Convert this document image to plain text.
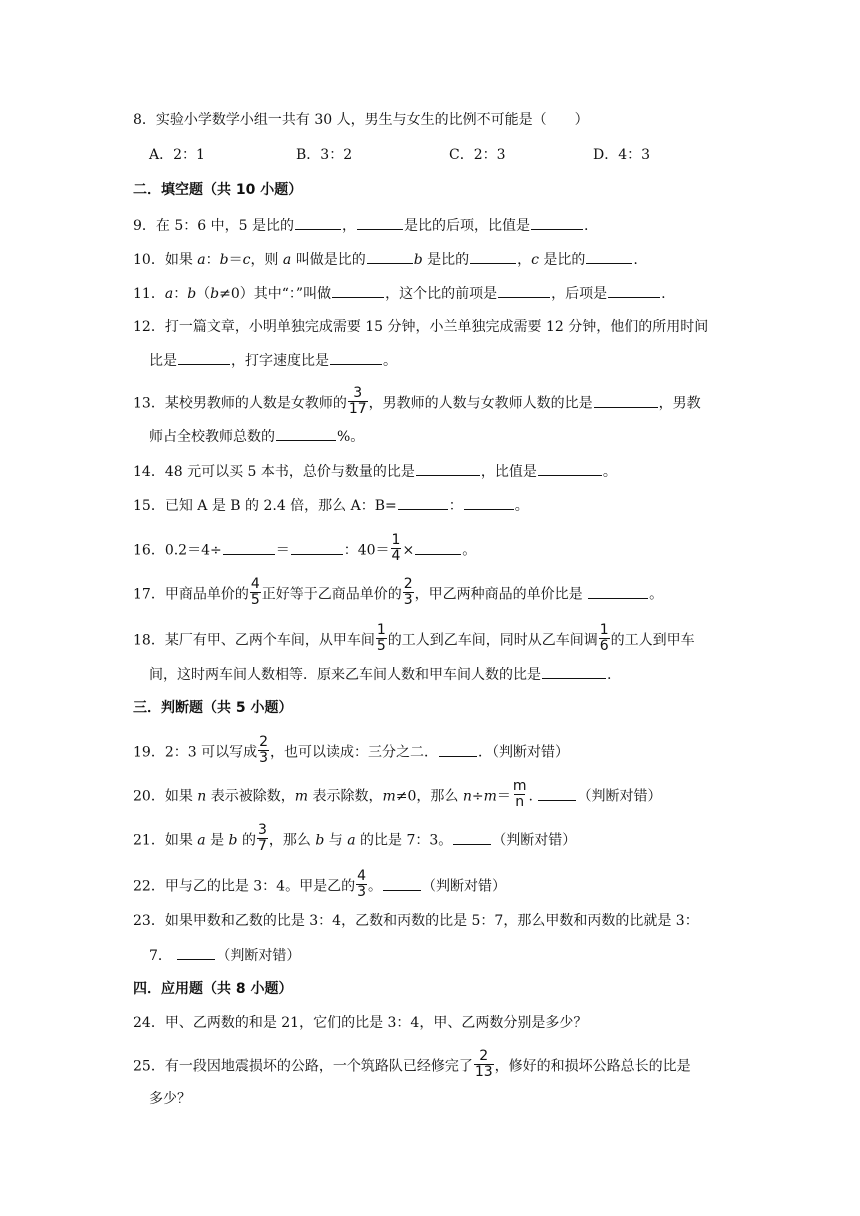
8．实验小学数学小组一共有 30 人，男生与女生的比例不可能是（　　）
A．2：1	B．3：2	C．2：3	D．4：3
二．填空题（共 10 小题）
9．在 5：6 中，5 是比的	，	是比的后项，比值是	.
10．如果 a：b＝c，则 a 叫做是比的	b 是比的	，c 是比的	.
11．a：b（b≠0）其中“：”叫做	，这个比的前项是	，后项是	.
12．打一篇文章，小明单独完成需要 15 分钟，小兰单独完成需要 12 分钟，他们的所用时间
比是	，打字速度比是	。
13．某校男教师的人数是女教师的 $\frac{3}{17}$ ，男教师的人数与女教师人数的比是	，男教
师占全校教师总数的	%。
14．48 元可以买 5 本书，总价与数量的比是	，比值是	。
15．已知 A 是 B 的 2.4 倍，那么 A：B=	：	。
16．0.2＝4÷	＝	：$40= \frac{1}{4}$ ×	。
17．甲商品单价的 $\frac{4}{5}$ 正好等于乙商品单价的 $\frac{2}{3}$ ，甲乙两种商品的单价比是	。
18．某厂有甲、乙两个车间，从甲车间 $\frac{1}{5}$ 的工人到乙车间，同时从乙车间调 $\frac{1}{6}$ 的工人到甲车
间，这时两车间人数相等．原来乙车间人数和甲车间人数的比是	.
三．判断题（共 5 小题）
19．2：3 可以写成 $\frac{2}{3}$ ，也可以读成：三分之二．	．（判断对错）
20．如果 n 表示被除数，m 表示除数，m≠0，那么 $n\div m= \frac{m}{n}$ .	（判断对错）
21．如果 a 是 b 的 $\frac{3}{7}$ ，那么 b 与 a 的比是 7：3。	（判断对错）
22．甲与乙的比是 3：4。甲是乙的 $\frac{4}{3}$ 。	（判断对错）
23．如果甲数和乙数的比是 3：4，乙数和丙数的比是 5：7，那么甲数和丙数的比就是 3：
7．	（判断对错）
四．应用题（共 8 小题）
24．甲、乙两数的和是 21，它们的比是 3：4，甲、乙两数分别是多少？
25．有一段因地震损坏的公路，一个筑路队已经修完了 $\frac{2}{13}$ ，修好的和损坏公路总长的比是
多少？
